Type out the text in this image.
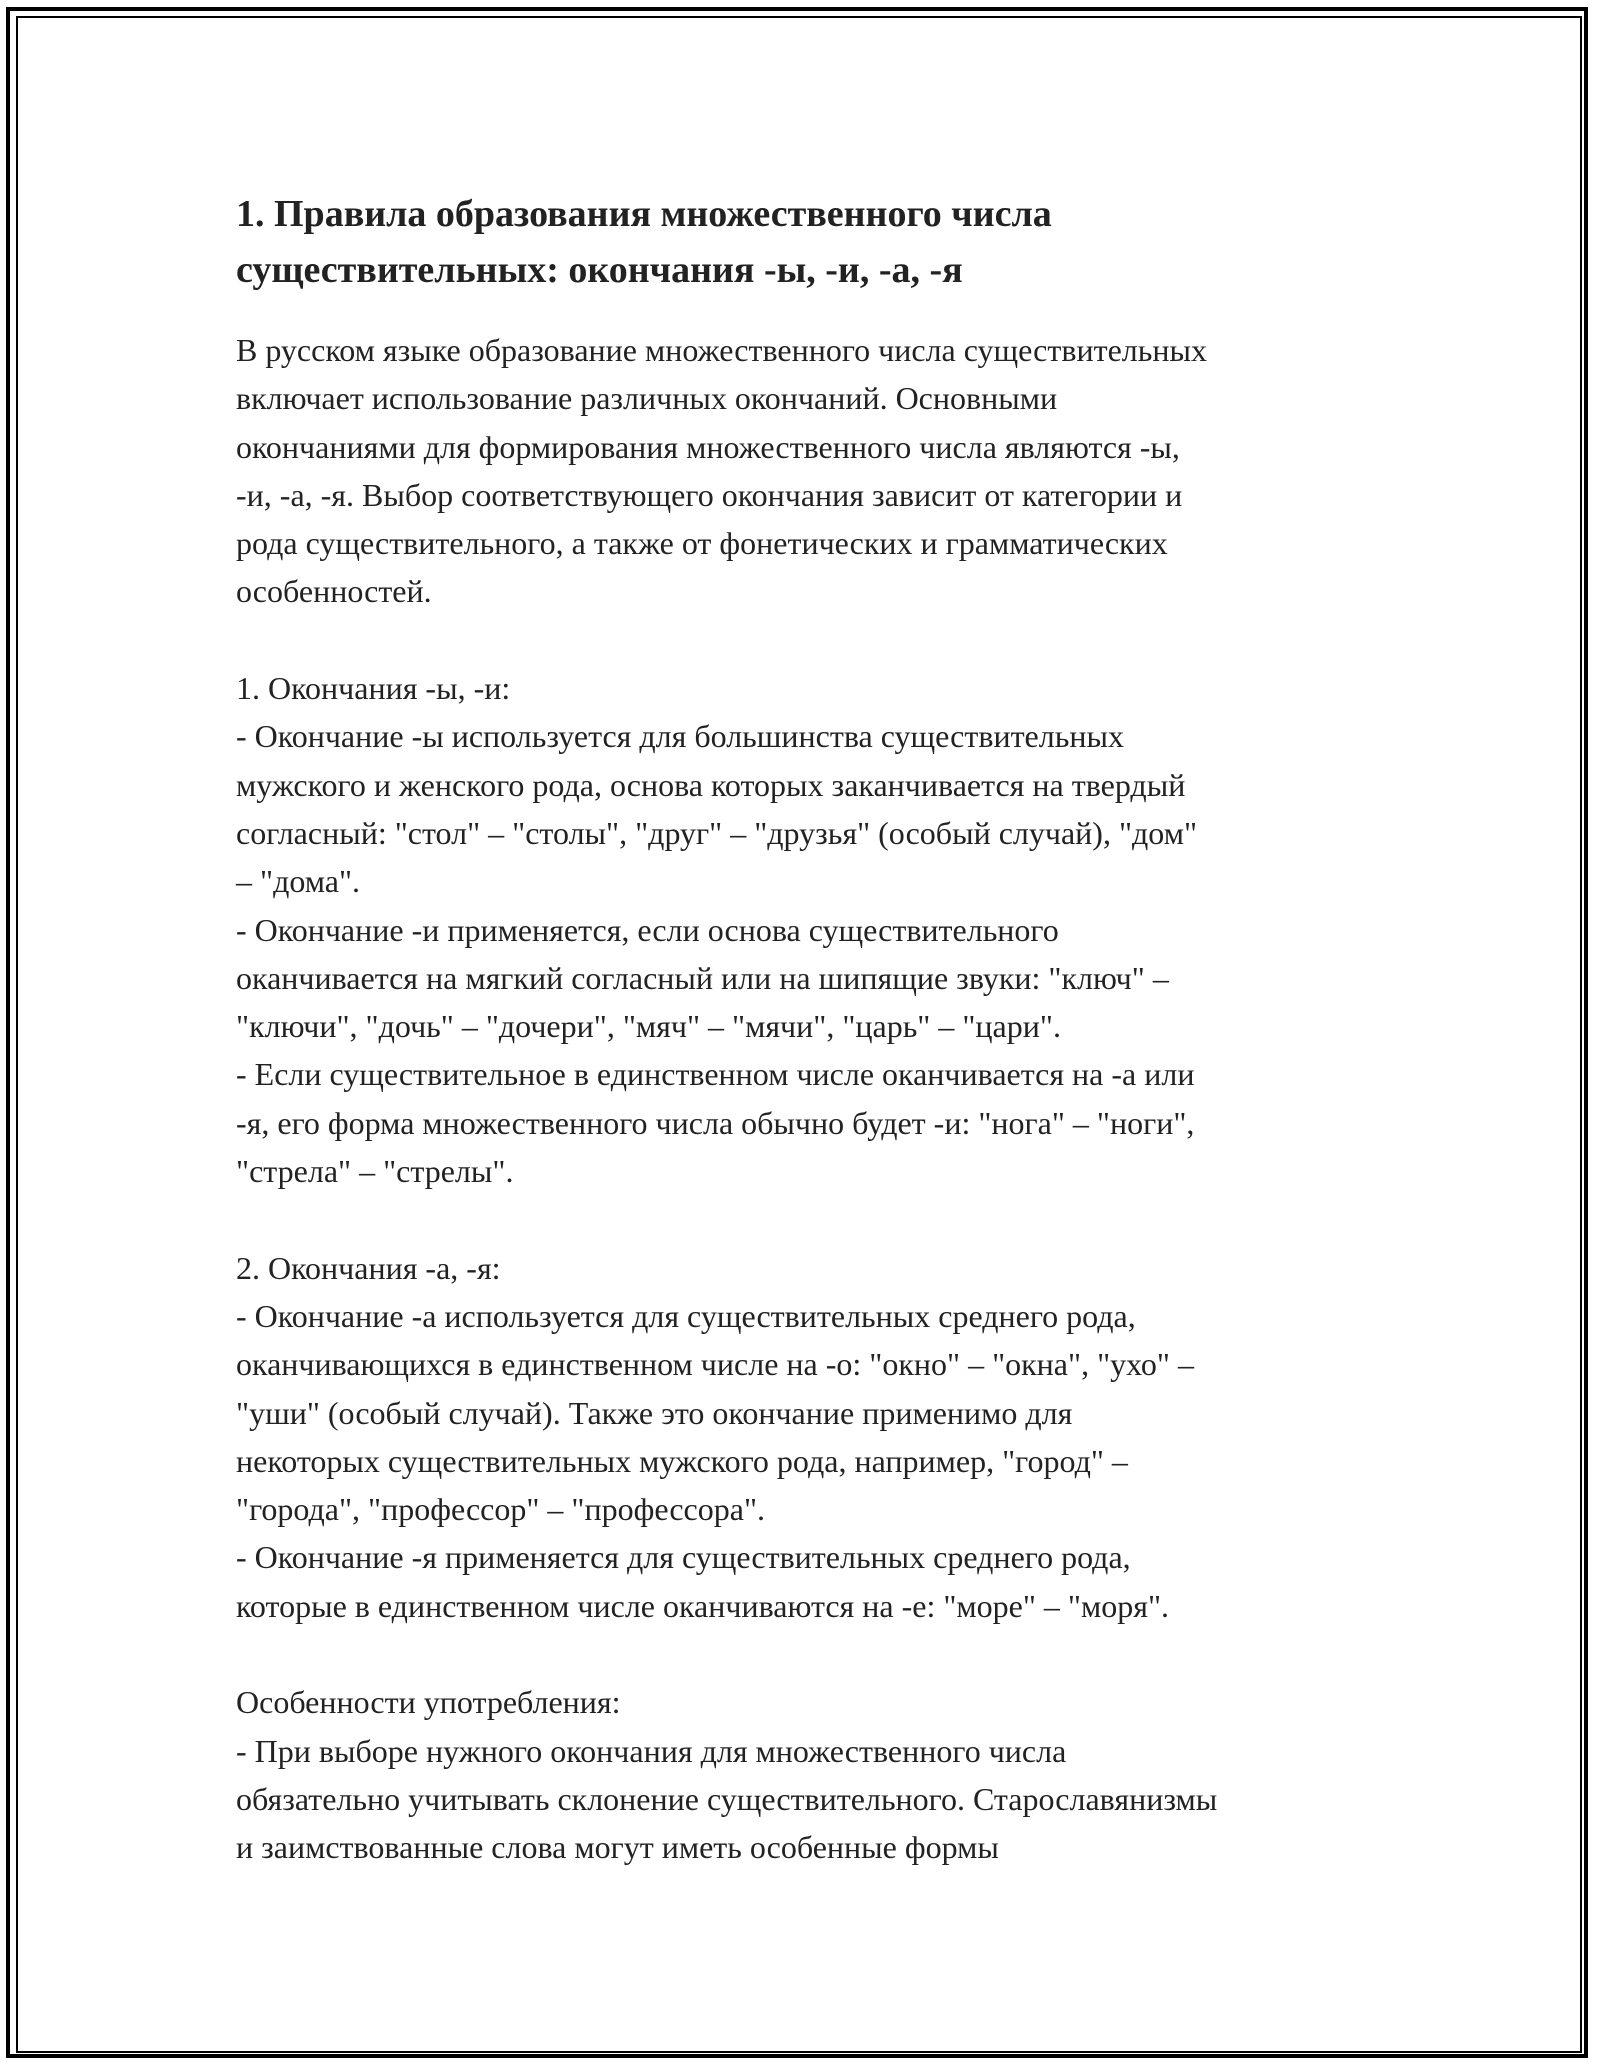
1. Правила образования множественного числа
существительных: окончания -ы, -и, -а, -я
В русском языке образование множественного числа существительных
включает использование различных окончаний. Основными
окончаниями для формирования множественного числа являются -ы,
-и, -а, -я. Выбор соответствующего окончания зависит от категории и
рода существительного, а также от фонетических и грамматических
особенностей.
1. Окончания -ы, -и:
- Окончание -ы используется для большинства существительных
мужского и женского рода, основа которых заканчивается на твердый
согласный: "стол" – "столы", "друг" – "друзья" (особый случай), "дом"
– "дома".
- Окончание -и применяется, если основа существительного
оканчивается на мягкий согласный или на шипящие звуки: "ключ" –
"ключи", "дочь" – "дочери", "мяч" – "мячи", "царь" – "цари".
- Если существительное в единственном числе оканчивается на -а или
-я, его форма множественного числа обычно будет -и: "нога" – "ноги",
"стрела" – "стрелы".
2. Окончания -а, -я:
- Окончание -а используется для существительных среднего рода,
оканчивающихся в единственном числе на -о: "окно" – "окна", "ухо" –
"уши" (особый случай). Также это окончание применимо для
некоторых существительных мужского рода, например, "город" –
"города", "профессор" – "профессора".
- Окончание -я применяется для существительных среднего рода,
которые в единственном числе оканчиваются на -е: "море" – "моря".
Особенности употребления:
- При выборе нужного окончания для множественного числа
обязательно учитывать склонение существительного. Старославянизмы
и заимствованные слова могут иметь особенные формы
